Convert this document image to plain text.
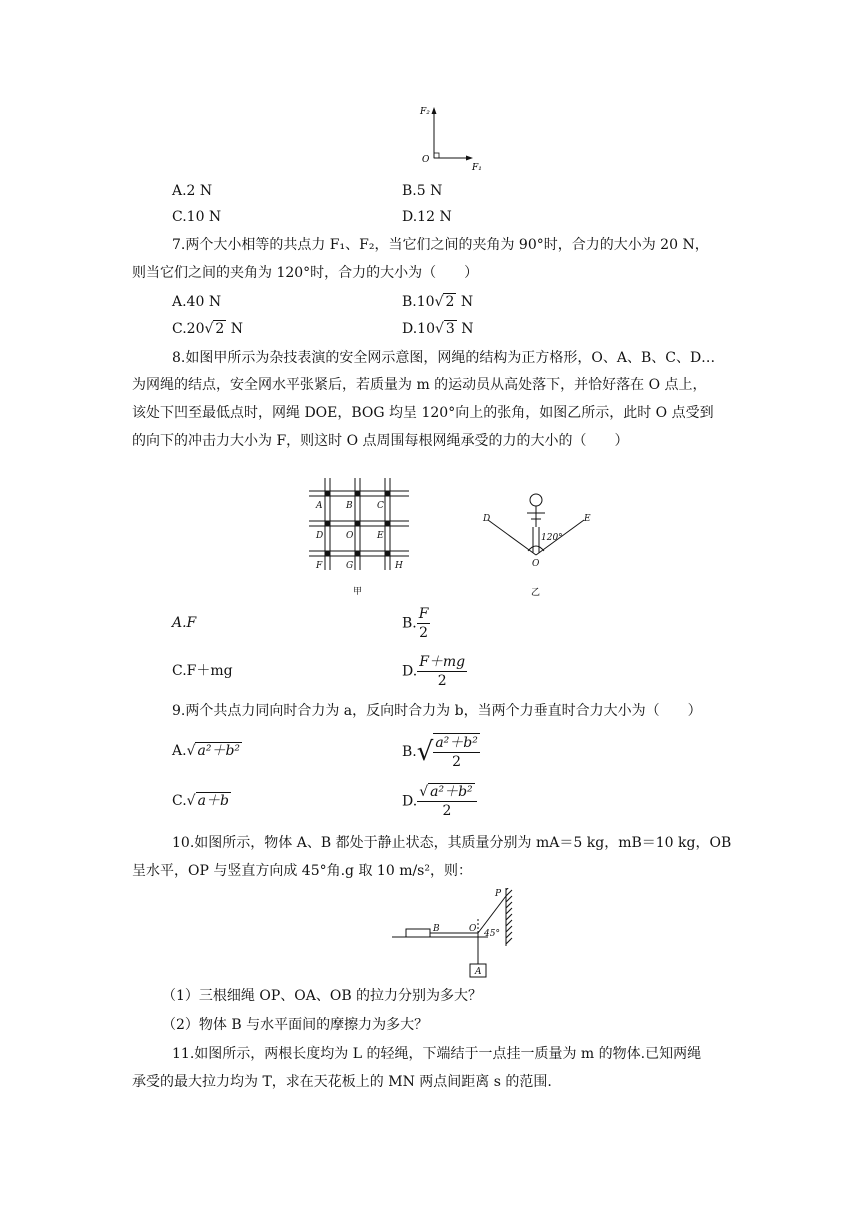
F₂
O
F₁
A.2 N	B.5 N
C.10 N	D.12 N
7.两个大小相等的共点力 F₁、F₂，当它们之间的夹角为 90°时，合力的大小为 20 N，
则当它们之间的夹角为 120°时，合力的大小为（　　）
A.40 N	B.10√ 2 N
C.20√ 2 N	D.10√ 3 N
8.如图甲所示为杂技表演的安全网示意图，网绳的结构为正方格形，O、A、B、C、D…
为网绳的结点，安全网水平张紧后，若质量为 m 的运动员从高处落下，并恰好落在 O 点上，
该处下凹至最低点时，网绳 DOE，BOG 均呈 120°向上的张角，如图乙所示，此时 O 点受到
的向下的冲击力大小为 F，则这时 O 点周围每根网绳承受的力的大小的（　　）
A	B	C
D	O	E
F	G	H
甲
D	E
O
120°
乙
A.F	B. $\frac{F}{2}$
C.F＋mg	D. $\frac{F+mg}{2}$
9.两个共点力同向时合力为 a，反向时合力为 b，当两个力垂直时合力大小为（　　）
A.√ a²＋b²	$B.√ \frac{\text{a²＋b²}}{2}$
C.√ a＋b	D. $\frac{\text{√ a²＋b²}}{2}$
10.如图所示，物体 A、B 都处于静止状态，其质量分别为 mA＝5 kg，mB＝10 kg，OB
呈水平，OP 与竖直方向成 45°角.g 取 10 m/s²，则：
P
B	O 45°
A
（1）三根细绳 OP、OA、OB 的拉力分别为多大？
（2）物体 B 与水平面间的摩擦力为多大？
11.如图所示，两根长度均为 L 的轻绳，下端结于一点挂一质量为 m 的物体.已知两绳
承受的最大拉力均为 T，求在天花板上的 MN 两点间距离 s 的范围.
